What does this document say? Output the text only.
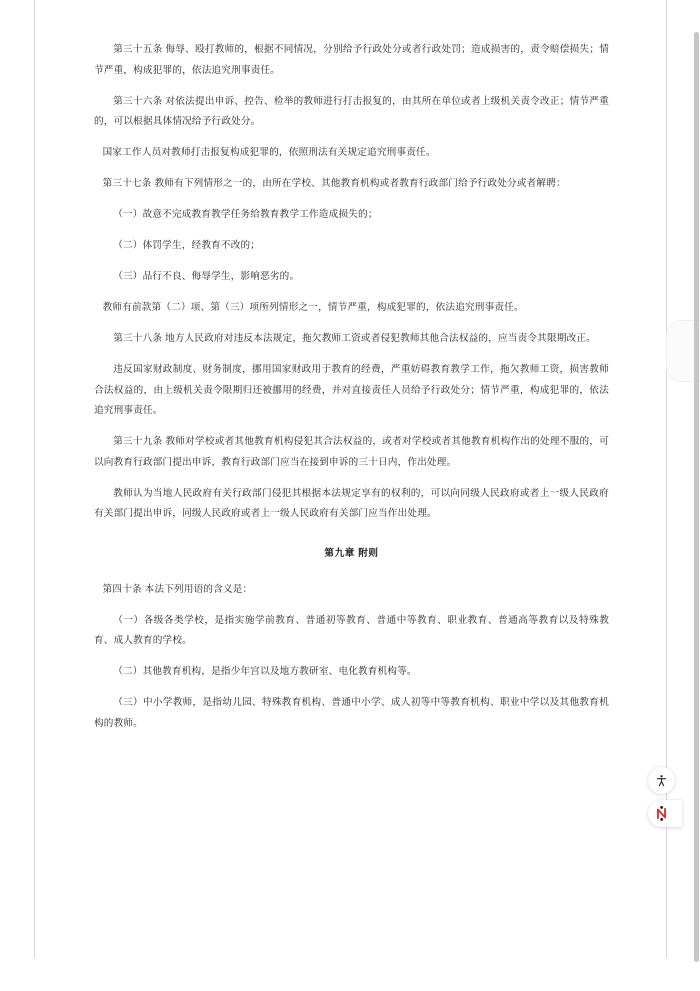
第三十五条 侮辱、殴打教师的，根据不同情况，分别给予行政处分或者行政处罚；造成损害的，责令赔偿损失；情节严重，构成犯罪的，依法追究刑事责任。

第三十六条 对依法提出申诉、控告、检举的教师进行打击报复的，由其所在单位或者上级机关责令改正；情节严重的，可以根据具体情况给予行政处分。

国家工作人员对教师打击报复构成犯罪的，依照刑法有关规定追究刑事责任。

第三十七条 教师有下列情形之一的，由所在学校、其他教育机构或者教育行政部门给予行政处分或者解聘：

（一）故意不完成教育教学任务给教育教学工作造成损失的；

（二）体罚学生，经教育不改的；

（三）品行不良、侮辱学生，影响恶劣的。

教师有前款第（二）项、第（三）项所列情形之一，情节严重，构成犯罪的，依法追究刑事责任。

第三十八条 地方人民政府对违反本法规定，拖欠教师工资或者侵犯教师其他合法权益的，应当责令其限期改正。

违反国家财政制度、财务制度，挪用国家财政用于教育的经费，严重妨碍教育教学工作，拖欠教师工资，损害教师合法权益的，由上级机关责令限期归还被挪用的经费，并对直接责任人员给予行政处分；情节严重，构成犯罪的，依法追究刑事责任。

第三十九条 教师对学校或者其他教育机构侵犯其合法权益的，或者对学校或者其他教育机构作出的处理不服的，可以向教育行政部门提出申诉，教育行政部门应当在接到申诉的三十日内，作出处理。

教师认为当地人民政府有关行政部门侵犯其根据本法规定享有的权利的，可以向同级人民政府或者上一级人民政府有关部门提出申诉，同级人民政府或者上一级人民政府有关部门应当作出处理。

第九章 附则

第四十条 本法下列用语的含义是：

（一）各级各类学校，是指实施学前教育、普通初等教育、普通中等教育、职业教育、普通高等教育以及特殊教育、成人教育的学校。

（二）其他教育机构，是指少年宫以及地方教研室、电化教育机构等。

（三）中小学教师，是指幼儿园、特殊教育机构、普通中小学、成人初等中等教育机构、职业中学以及其他教育机构的教师。
